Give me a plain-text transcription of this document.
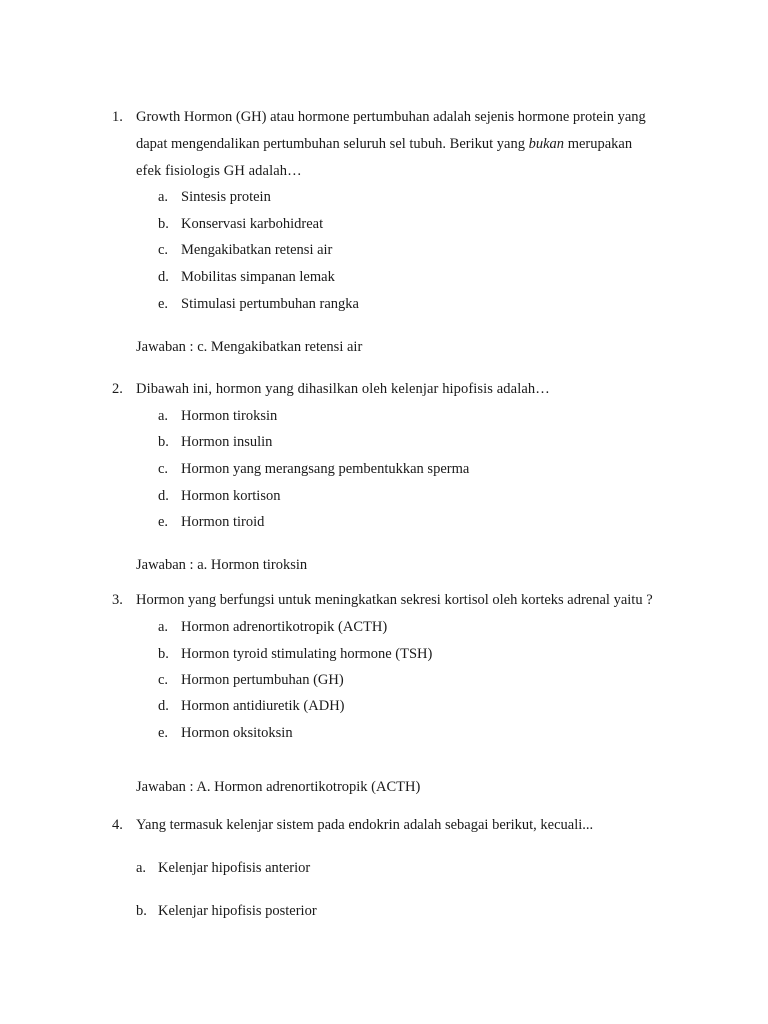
1. Growth Hormon (GH) atau hormone pertumbuhan adalah sejenis hormone protein yang
dapat mengendalikan pertumbuhan seluruh sel tubuh. Berikut yang bukan merupakan
efek fisiologis GH adalah…
a. Sintesis protein
b. Konservasi karbohidreat
c. Mengakibatkan retensi air
d. Mobilitas simpanan lemak
e. Stimulasi pertumbuhan rangka
Jawaban : c. Mengakibatkan retensi air
2. Dibawah ini, hormon yang dihasilkan oleh kelenjar hipofisis adalah…
a. Hormon tiroksin
b. Hormon insulin
c. Hormon yang merangsang pembentukkan sperma
d. Hormon kortison
e. Hormon tiroid
Jawaban : a. Hormon tiroksin
3. Hormon yang berfungsi untuk meningkatkan sekresi kortisol oleh korteks adrenal yaitu ?
a. Hormon adrenortikotropik (ACTH)
b. Hormon tyroid stimulating hormone (TSH)
c. Hormon pertumbuhan (GH)
d. Hormon antidiuretik (ADH)
e. Hormon oksitoksin
Jawaban : A. Hormon adrenortikotropik (ACTH)
4. Yang termasuk kelenjar sistem pada endokrin adalah sebagai berikut, kecuali...
a. Kelenjar hipofisis anterior
b. Kelenjar hipofisis posterior
